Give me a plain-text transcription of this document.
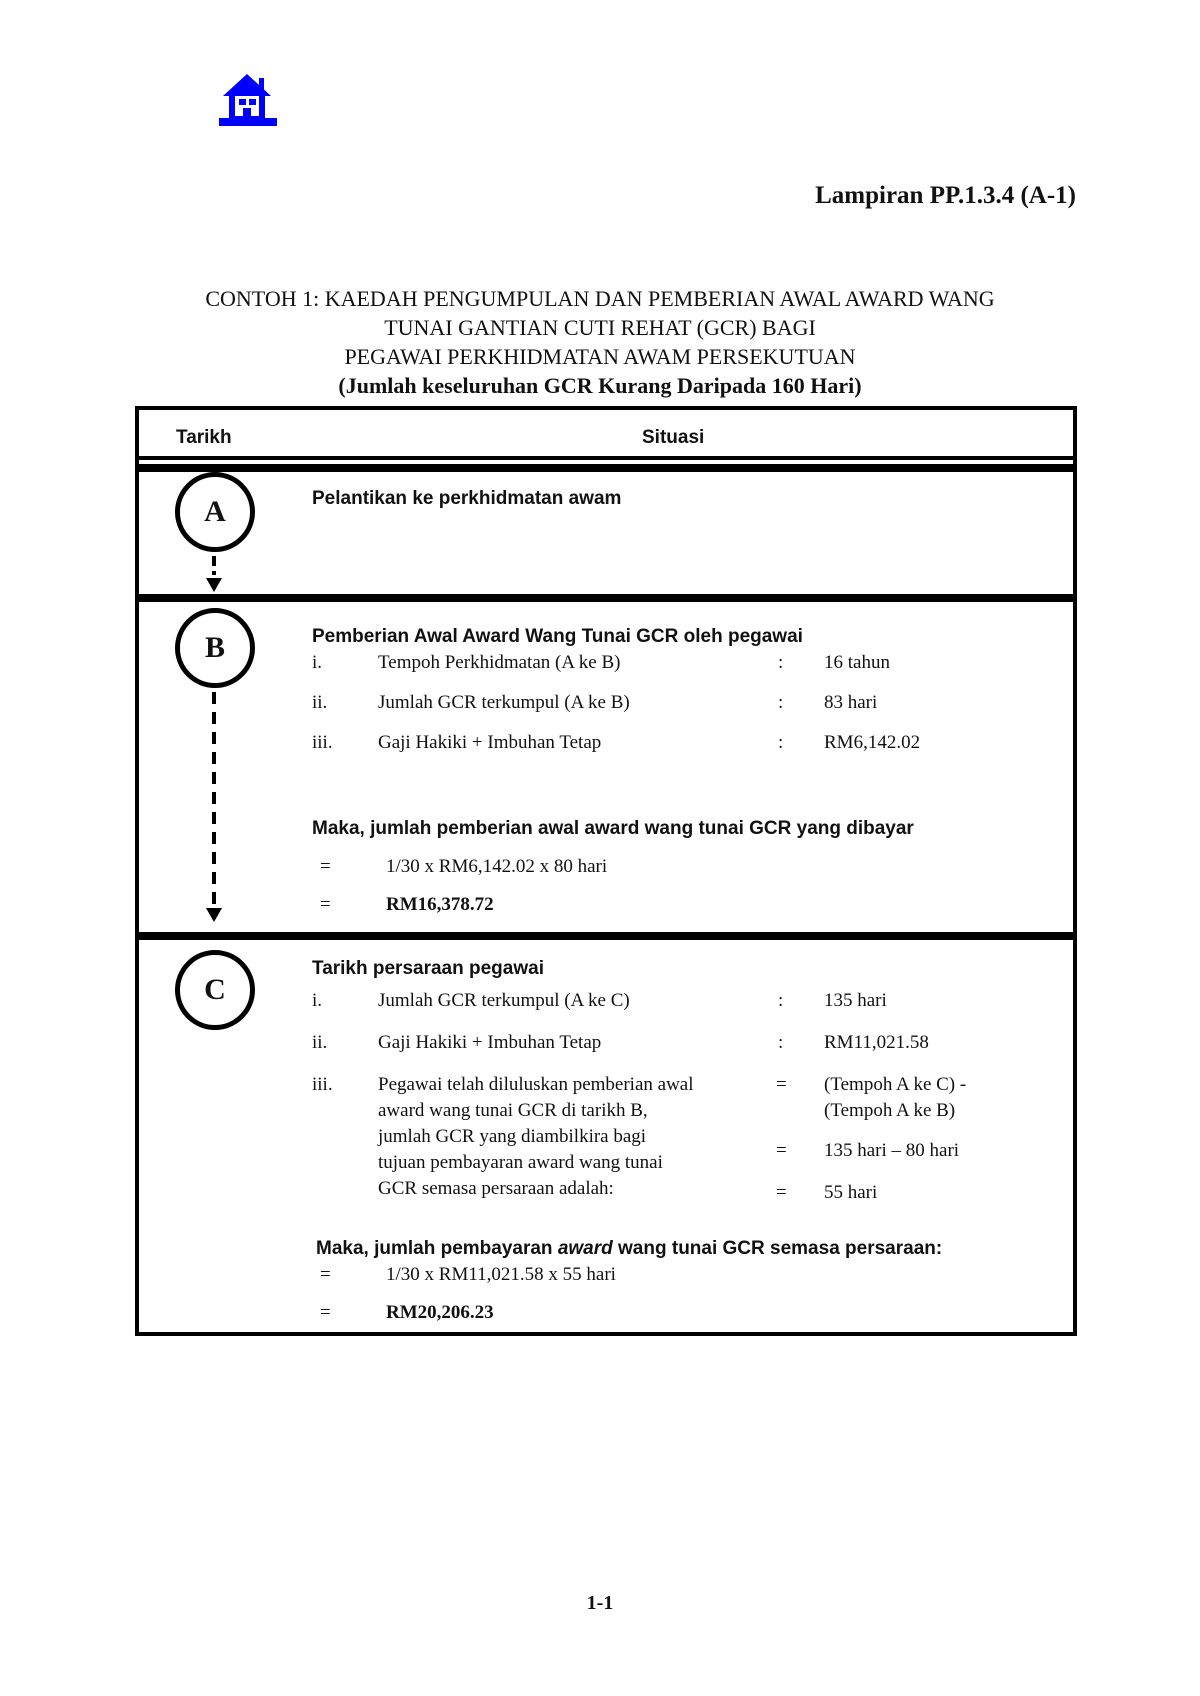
Lampiran PP.1.3.4 (A-1)
CONTOH 1: KAEDAH PENGUMPULAN DAN PEMBERIAN AWAL AWARD WANG
TUNAI GANTIAN CUTI REHAT (GCR) BAGI
PEGAWAI PERKHIDMATAN AWAM PERSEKUTUAN
(Jumlah keseluruhan GCR Kurang Daripada 160 Hari)
Tarikh	Situasi
A	Pelantikan ke perkhidmatan awam
B	Pemberian Awal Award Wang Tunai GCR oleh pegawai
i.	Tempoh Perkhidmatan (A ke B)	: 16 tahun
ii.	Jumlah GCR terkumpul (A ke B)	: 83 hari
iii. Gaji Hakiki + Imbuhan Tetap	: RM6,142.02
Maka, jumlah pemberian awal award wang tunai GCR yang dibayar
=	1/30 x RM6,142.02 x 80 hari
=	RM16,378.72
C
Tarikh persaraan pegawai
i.	Jumlah GCR terkumpul (A ke C)	: 135 hari
ii.	Gaji Hakiki + Imbuhan Tetap	: RM11,021.58
iii. Pegawai telah diluluskan pemberian awal
award wang tunai GCR di tarikh B,
jumlah GCR yang diambilkira bagi
tujuan pembayaran award wang tunai
GCR semasa persaraan adalah:
= (Tempoh A ke C) -
(Tempoh A ke B)
= 135 hari – 80 hari
= 55 hari
Maka, jumlah pembayaran award wang tunai GCR semasa persaraan:
=	1/30 x RM11,021.58 x 55 hari
=	RM20,206.23
1-1
